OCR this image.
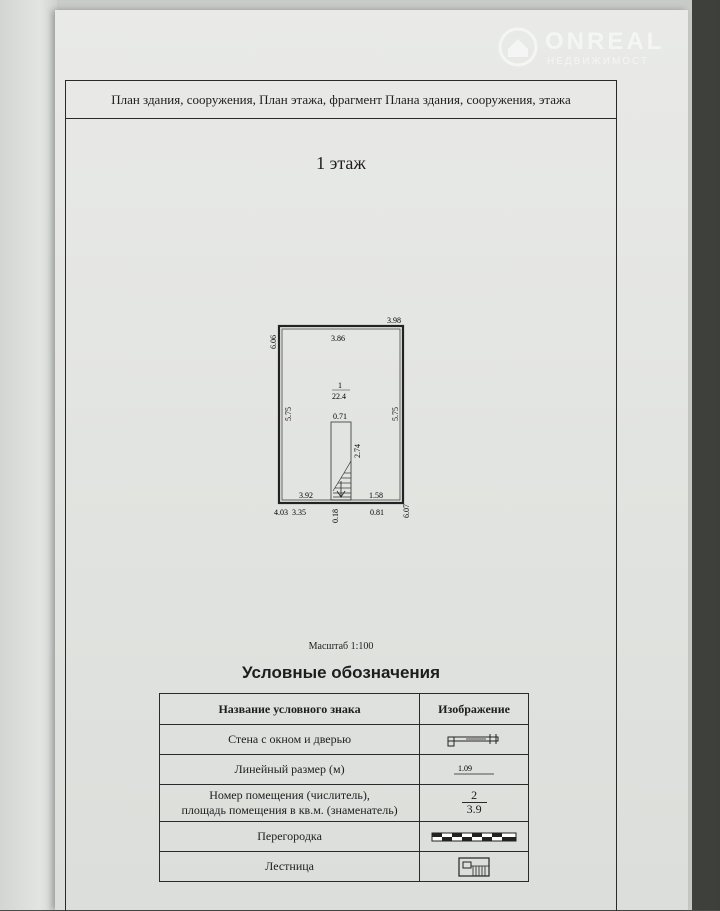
ONREAL
НЕДВИЖИМОСТ
План здания, сооружения, План этажа, фрагмент Плана здания, сооружения, этажа
1 этаж
3.98
3.86
6.06
5.75	5.75
1
22.4
0.71
2.74
3.92	1.58
4.03 3.35	0.18	0.81 6.07
Масштаб 1:100
Условные обозначения
Название условного знака	Изображение
Стена с окном и дверью	
Линейный размер (м)	1.09

Номер помещения (числитель),
площадь помещения в кв.м. (знаменатель)	$\frac{2}{3.9}$

Перегородка	
Лестница	
